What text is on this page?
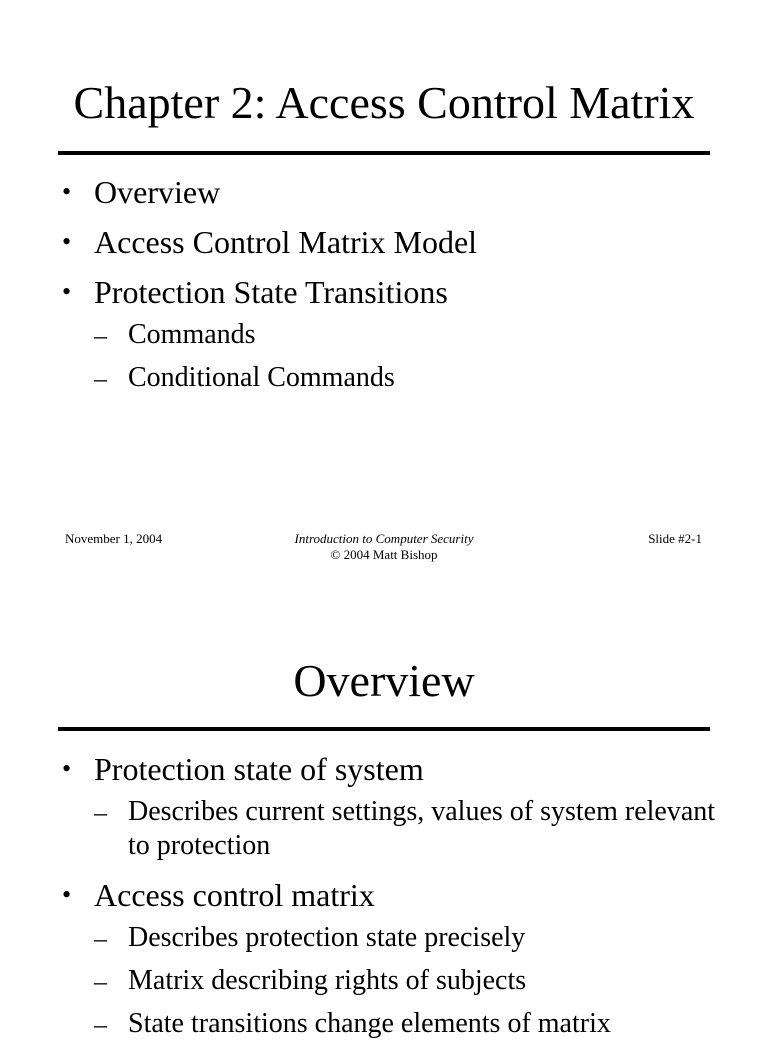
Chapter 2: Access Control Matrix
• Overview
• Access Control Matrix Model
• Protection State Transitions
– Commands
– Conditional Commands
November 1, 2004	Introduction to Computer Security
© 2004 Matt Bishop
Slide #2-1
Overview
• Protection state of system
– Describes current settings, values of system relevant to protection
• Access control matrix
– Describes protection state precisely
– Matrix describing rights of subjects
– State transitions change elements of matrix
